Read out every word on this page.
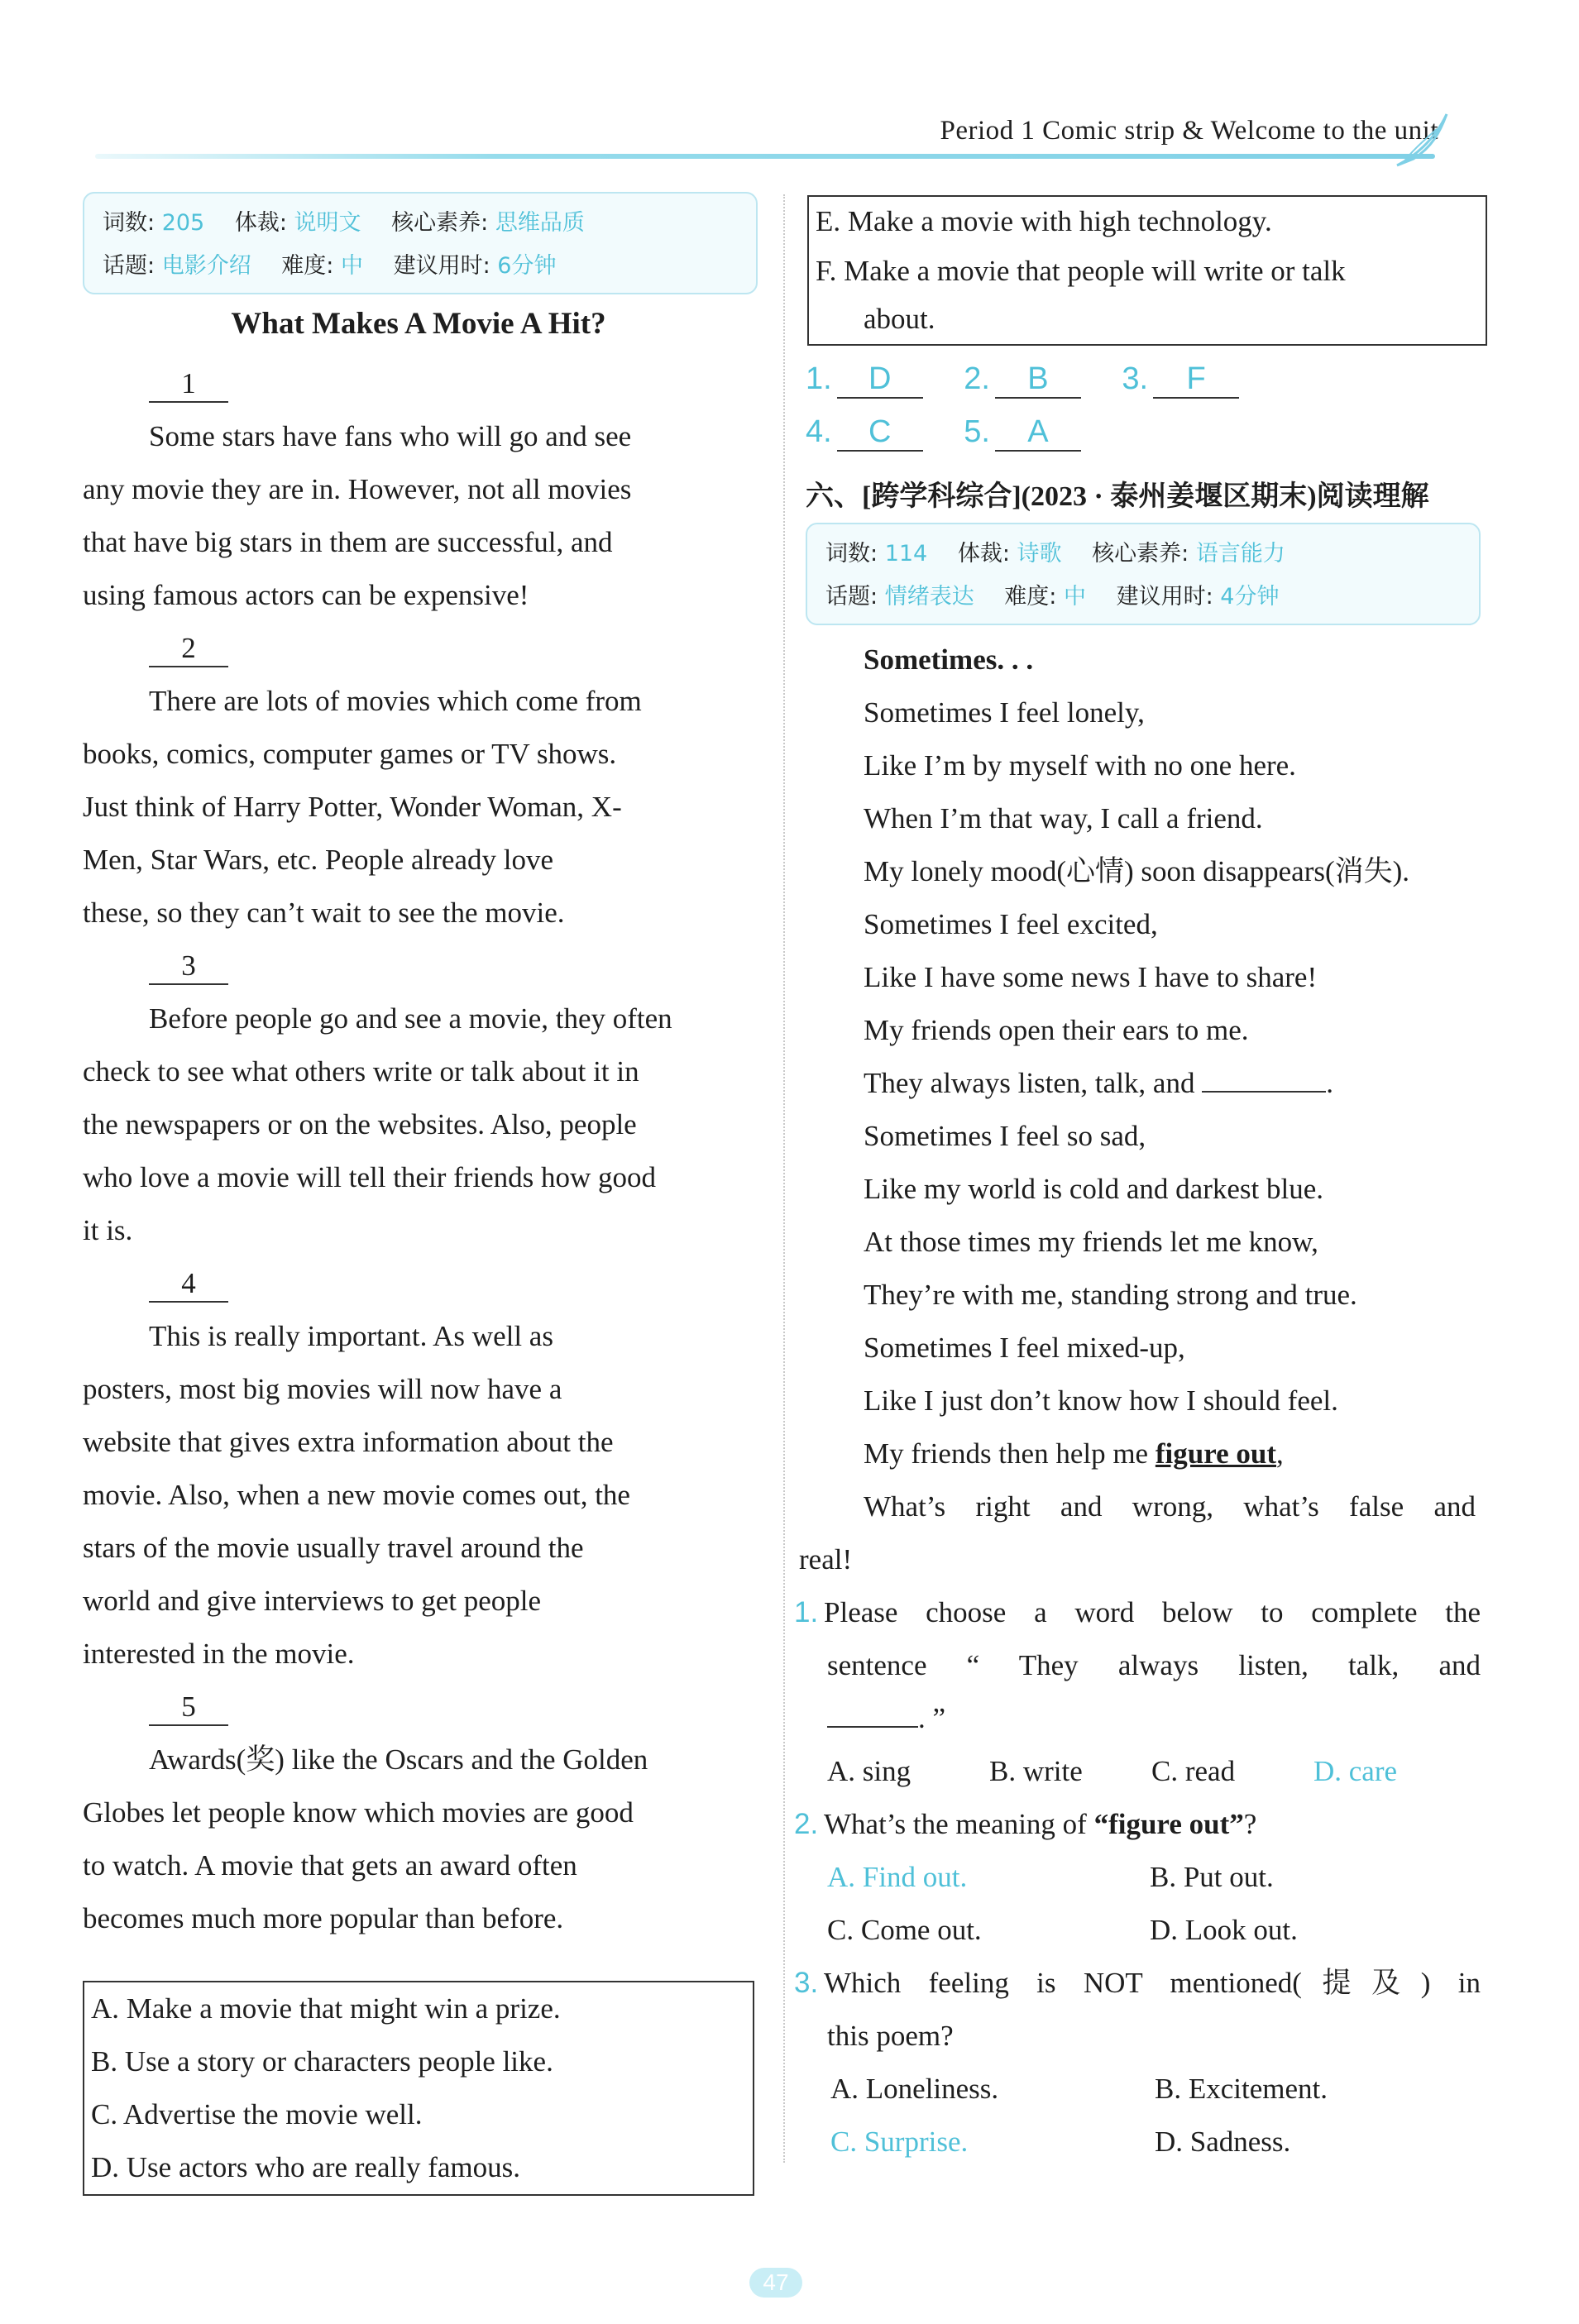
Period 1 Comic strip & Welcome to the unit
词数: 205 体裁: 说明文 核心素养: 思维品质
话题: 电影介绍 难度: 中 建议用时: 6分钟
What Makes A Movie A Hit?
1
Some stars have fans who will go and see
any movie they are in. However, not all movies
that have big stars in them are successful, and
using famous actors can be expensive!
2
There are lots of movies which come from
books, comics, computer games or TV shows.
Just think of Harry Potter, Wonder Woman, X-
Men, Star Wars, etc. People already love
these, so they can’t wait to see the movie.
3
Before people go and see a movie, they often
check to see what others write or talk about it in
the newspapers or on the websites. Also, people
who love a movie will tell their friends how good
it is.
4
This is really important. As well as
posters, most big movies will now have a
website that gives extra information about the
movie. Also, when a new movie comes out, the
stars of the movie usually travel around the
world and give interviews to get people
interested in the movie.
5
Awards(奖) like the Oscars and the Golden
Globes let people know which movies are good
to watch. A movie that gets an award often
becomes much more popular than before.
A. Make a movie that might win a prize.
B. Use a story or characters people like.
C. Advertise the movie well.
D. Use actors who are really famous.
E. Make a movie with high technology.
F. Make a movie that people will write or talk
about.
1. D 2. B 3. F
4. C 5. A
六、[跨学科综合](2023 · 泰州姜堰区期末)阅读理解
词数: 114 体裁: 诗歌 核心素养: 语言能力
话题: 情绪表达 难度: 中 建议用时: 4分钟
Sometimes. . .
Sometimes I feel lonely,
Like I’m by myself with no one here.
When I’m that way, I call a friend.
My lonely mood(心情) soon disappears(消失).
Sometimes I feel excited,
Like I have some news I have to share!
My friends open their ears to me.
They always listen, talk, and	.
Sometimes I feel so sad,
Like my world is cold and darkest blue.
At those times my friends let me know,
They’re with me, standing strong and true.
Sometimes I feel mixed-up,
Like I just don’t know how I should feel.
My friends then help me figure out,
What’s right and wrong, what’s false and
real!
1. Please choose a word below to complete the
sentence “ They always listen, talk, and
. ”
A. sing	B. write C. read	D. care
2. What’s the meaning of “figure out”?
A. Find out.	B. Put out.
C. Come out.	D. Look out.
3. Which feeling is NOT mentioned(提及) in
this poem?
A. Loneliness.	B. Excitement.
C. Surprise.	D. Sadness.
47
